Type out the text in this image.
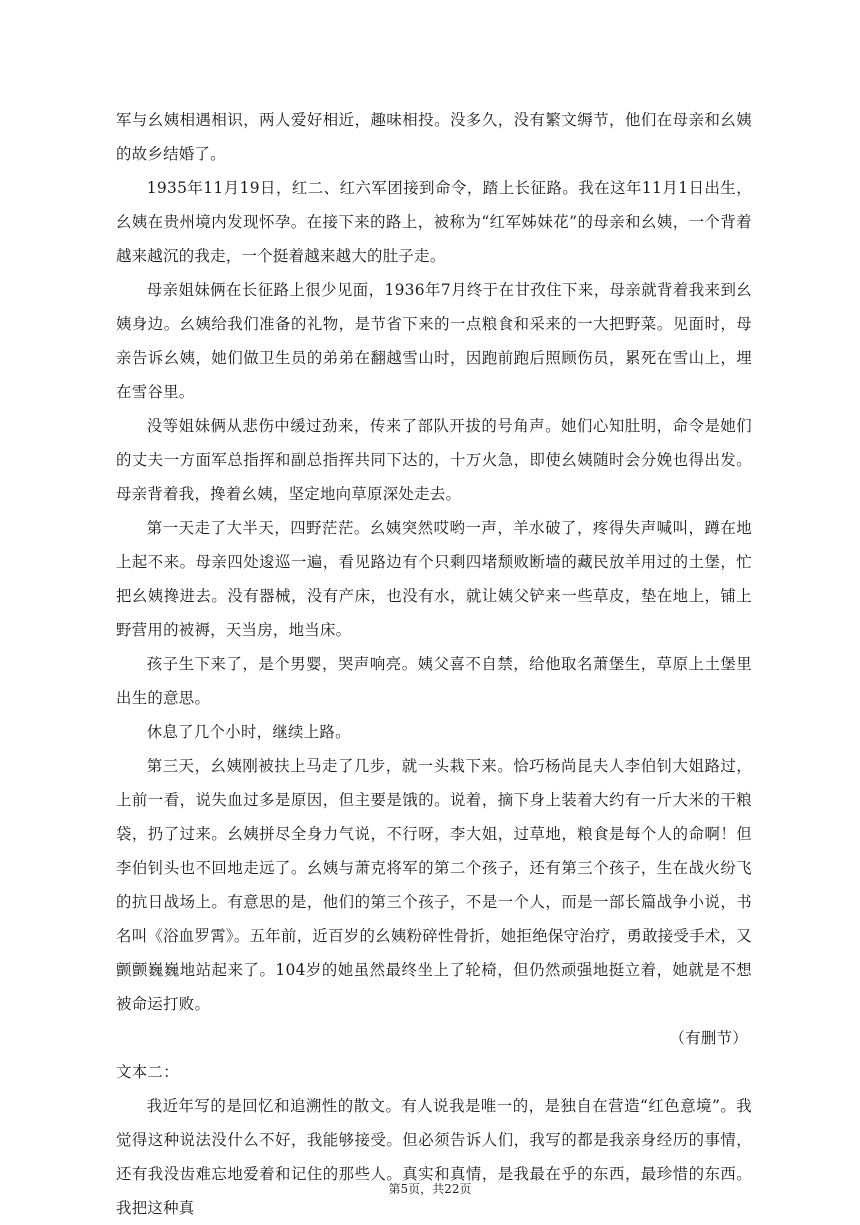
军与幺姨相遇相识，两人爱好相近，趣味相投。没多久，没有繁文缛节，他们在母亲和幺姨的故乡结婚了。

1935年11月19日，红二、红六军团接到命令，踏上长征路。我在这年11月1日出生，幺姨在贵州境内发现怀孕。在接下来的路上，被称为“红军姊妹花”的母亲和幺姨，一个背着越来越沉的我走，一个挺着越来越大的肚子走。

母亲姐妹俩在长征路上很少见面，1936年7月终于在甘孜住下来，母亲就背着我来到幺姨身边。幺姨给我们准备的礼物，是节省下来的一点粮食和采来的一大把野菜。见面时，母亲告诉幺姨，她们做卫生员的弟弟在翻越雪山时，因跑前跑后照顾伤员，累死在雪山上，埋在雪谷里。

没等姐妹俩从悲伤中缓过劲来，传来了部队开拔的号角声。她们心知肚明，命令是她们的丈夫一方面军总指挥和副总指挥共同下达的，十万火急，即使幺姨随时会分娩也得出发。母亲背着我，搀着幺姨，坚定地向草原深处走去。

第一天走了大半天，四野茫茫。幺姨突然哎哟一声，羊水破了，疼得失声喊叫，蹲在地上起不来。母亲四处逡巡一遍，看见路边有个只剩四堵颓败断墙的藏民放羊用过的土堡，忙把幺姨搀进去。没有器械，没有产床，也没有水，就让姨父铲来一些草皮，垫在地上，铺上野营用的被褥，天当房，地当床。

孩子生下来了，是个男婴，哭声响亮。姨父喜不自禁，给他取名萧堡生，草原上土堡里出生的意思。

休息了几个小时，继续上路。

第三天，幺姨刚被扶上马走了几步，就一头栽下来。恰巧杨尚昆夫人李伯钊大姐路过，上前一看，说失血过多是原因，但主要是饿的。说着，摘下身上装着大约有一斤大米的干粮袋，扔了过来。幺姨拼尽全身力气说，不行呀，李大姐，过草地，粮食是每个人的命啊！但李伯钊头也不回地走远了。幺姨与萧克将军的第二个孩子，还有第三个孩子，生在战火纷飞的抗日战场上。有意思的是，他们的第三个孩子，不是一个人，而是一部长篇战争小说，书名叫《浴血罗霄》。五年前，近百岁的幺姨粉碎性骨折，她拒绝保守治疗，勇敢接受手术，又颤颤巍巍地站起来了。104岁的她虽然最终坐上了轮椅，但仍然顽强地挺立着，她就是不想被命运打败。

（有删节）

文本二：

我近年写的是回忆和追溯性的散文。有人说我是唯一的，是独自在营造“红色意境”。我觉得这种说法没什么不好，我能够接受。但必须告诉人们，我写的都是我亲身经历的事情，还有我没齿难忘地爱着和记住的那些人。真实和真情，是我最在乎的东西，最珍惜的东西。我把这种真

第5页，共22页
